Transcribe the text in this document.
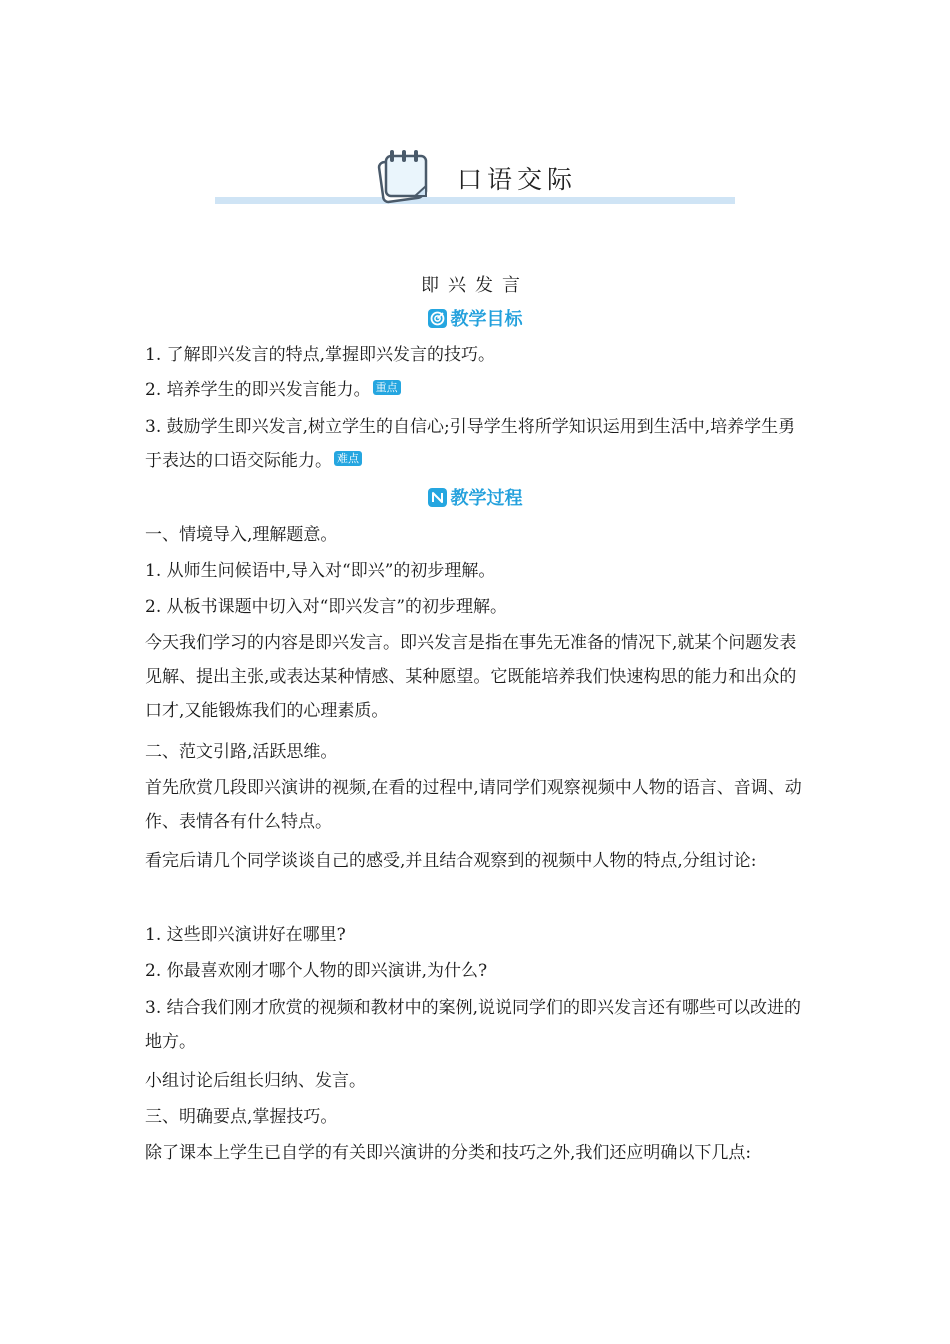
口语交际
即兴发言
教学目标
1. 了解即兴发言的特点,掌握即兴发言的技巧。
2. 培养学生的即兴发言能力。 重点
3. 鼓励学生即兴发言,树立学生的自信心;引导学生将所学知识运用到生活中,培养学生勇于表达的口语交际能力。 难点
教学过程
一、情境导入,理解题意。
1. 从师生问候语中,导入对“即兴”的初步理解。
2. 从板书课题中切入对“即兴发言”的初步理解。
今天我们学习的内容是即兴发言。即兴发言是指在事先无准备的情况下,就某个问题发表见解、提出主张,或表达某种情感、某种愿望。它既能培养我们快速构思的能力和出众的口才,又能锻炼我们的心理素质。
二、范文引路,活跃思维。
首先欣赏几段即兴演讲的视频,在看的过程中,请同学们观察视频中人物的语言、音调、动作、表情各有什么特点。
看完后请几个同学谈谈自己的感受,并且结合观察到的视频中人物的特点,分组讨论:
1. 这些即兴演讲好在哪里?
2. 你最喜欢刚才哪个人物的即兴演讲,为什么?
3. 结合我们刚才欣赏的视频和教材中的案例,说说同学们的即兴发言还有哪些可以改进的地方。
小组讨论后组长归纳、发言。
三、明确要点,掌握技巧。
除了课本上学生已自学的有关即兴演讲的分类和技巧之外,我们还应明确以下几点:
